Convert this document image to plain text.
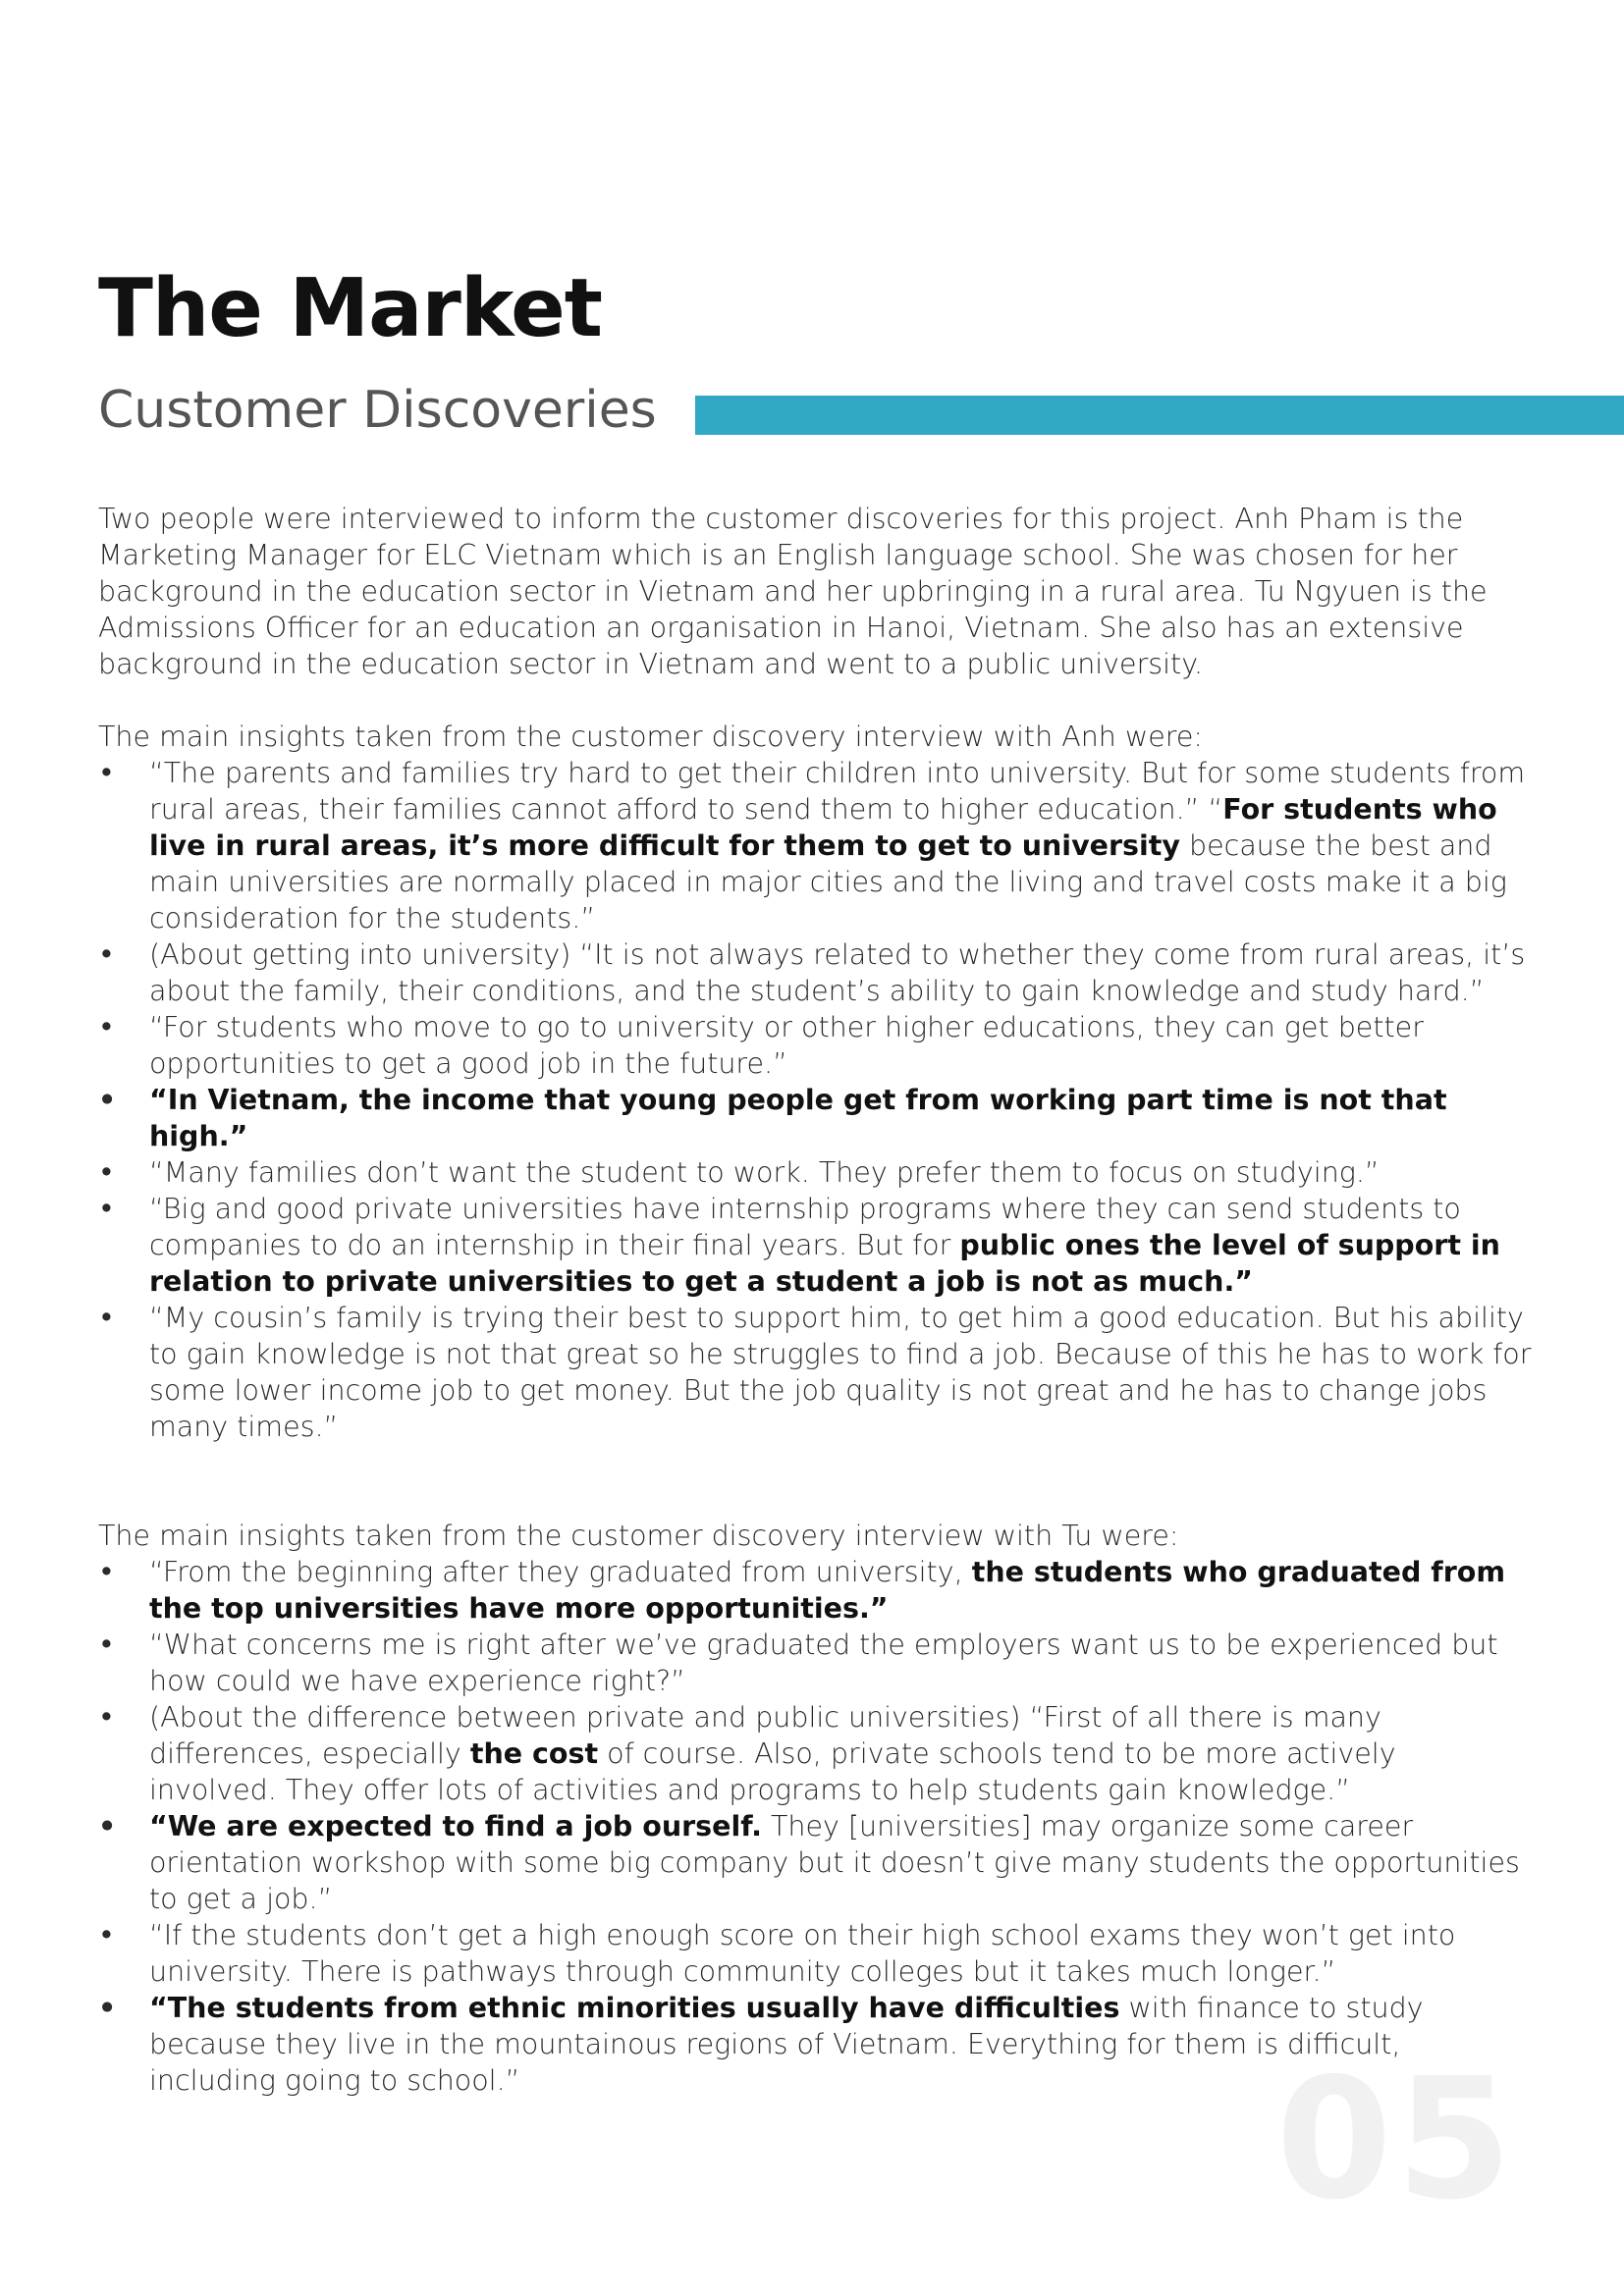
The Market
Customer Discoveries

Two people were interviewed to inform the customer discoveries for this project. Anh Pham is the Marketing Manager for ELC Vietnam which is an English language school. She was chosen for her background in the education sector in Vietnam and her upbringing in a rural area. Tu Ngyuen is the Admissions Officer for an education an organisation in Hanoi, Vietnam. She also has an extensive background in the education sector in Vietnam and went to a public university.

The main insights taken from the customer discovery interview with Anh were:

• “The parents and families try hard to get their children into university. But for some students from rural areas, their families cannot afford to send them to higher education.” “For students who live in rural areas, it’s more difficult for them to get to university because the best and main universities are normally placed in major cities and the living and travel costs make it a big consideration for the students.”
• (About getting into university) “It is not always related to whether they come from rural areas, it’s about the family, their conditions, and the student’s ability to gain knowledge and study hard.”
• “For students who move to go to university or other higher educations, they can get better opportunities to get a good job in the future.”
• “In Vietnam, the income that young people get from working part time is not that high.”
• “Many families don’t want the student to work. They prefer them to focus on studying.”
• “Big and good private universities have internship programs where they can send students to companies to do an internship in their final years. But for public ones the level of support in relation to private universities to get a student a job is not as much.”
• “My cousin’s family is trying their best to support him, to get him a good education. But his ability to gain knowledge is not that great so he struggles to find a job. Because of this he has to work for some lower income job to get money. But the job quality is not great and he has to change jobs many times.”

The main insights taken from the customer discovery interview with Tu were:

• “From the beginning after they graduated from university, the students who graduated from the top universities have more opportunities.”
• “What concerns me is right after we’ve graduated the employers want us to be experienced but how could we have experience right?”
• (About the difference between private and public universities) “First of all there is many differences, especially the cost of course. Also, private schools tend to be more actively involved. They offer lots of activities and programs to help students gain knowledge.”
• “We are expected to find a job ourself. They [universities] may organize some career orientation workshop with some big company but it doesn’t give many students the opportunities to get a job.”
• “If the students don’t get a high enough score on their high school exams they won’t get into university. There is pathways through community colleges but it takes much longer.”
• “The students from ethnic minorities usually have difficulties with finance to study because they live in the mountainous regions of Vietnam. Everything for them is difficult, including going to school.”	05
